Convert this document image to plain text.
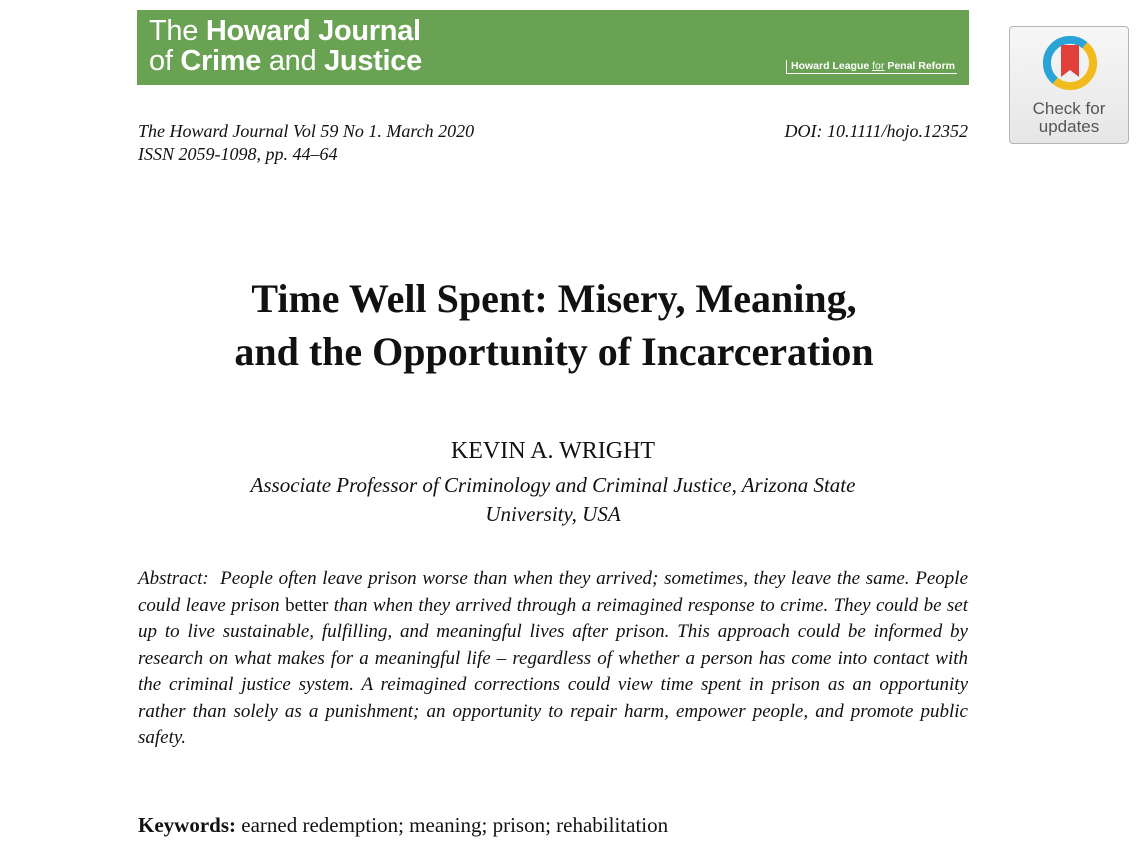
The Howard Journal
of Crime and Justice	Howard League for Penal Reform
Check for
updates
The Howard Journal Vol 59 No 1. March 2020
ISSN 2059-1098, pp. 44–64
DOI: 10.1111/hojo.12352
Time Well Spent: Misery, Meaning,
and the Opportunity of Incarceration
KEVIN A. WRIGHT
Associate Professor of Criminology and Criminal Justice, Arizona State
University, USA
Abstract: People often leave prison worse than when they arrived; sometimes, they leave the same. People could leave prison better than when they arrived through a reimagined response to crime. They could be set up to live sustainable, fulfilling, and meaningful lives after prison. This approach could be informed by research on what makes for a meaningful life – regardless of whether a person has come into contact with the criminal justice system. A reimagined corrections could view time spent in prison as an opportunity rather than solely as a punishment; an opportunity to repair harm, empower people, and promote public safety.
Keywords: earned redemption; meaning; prison; rehabilitation
